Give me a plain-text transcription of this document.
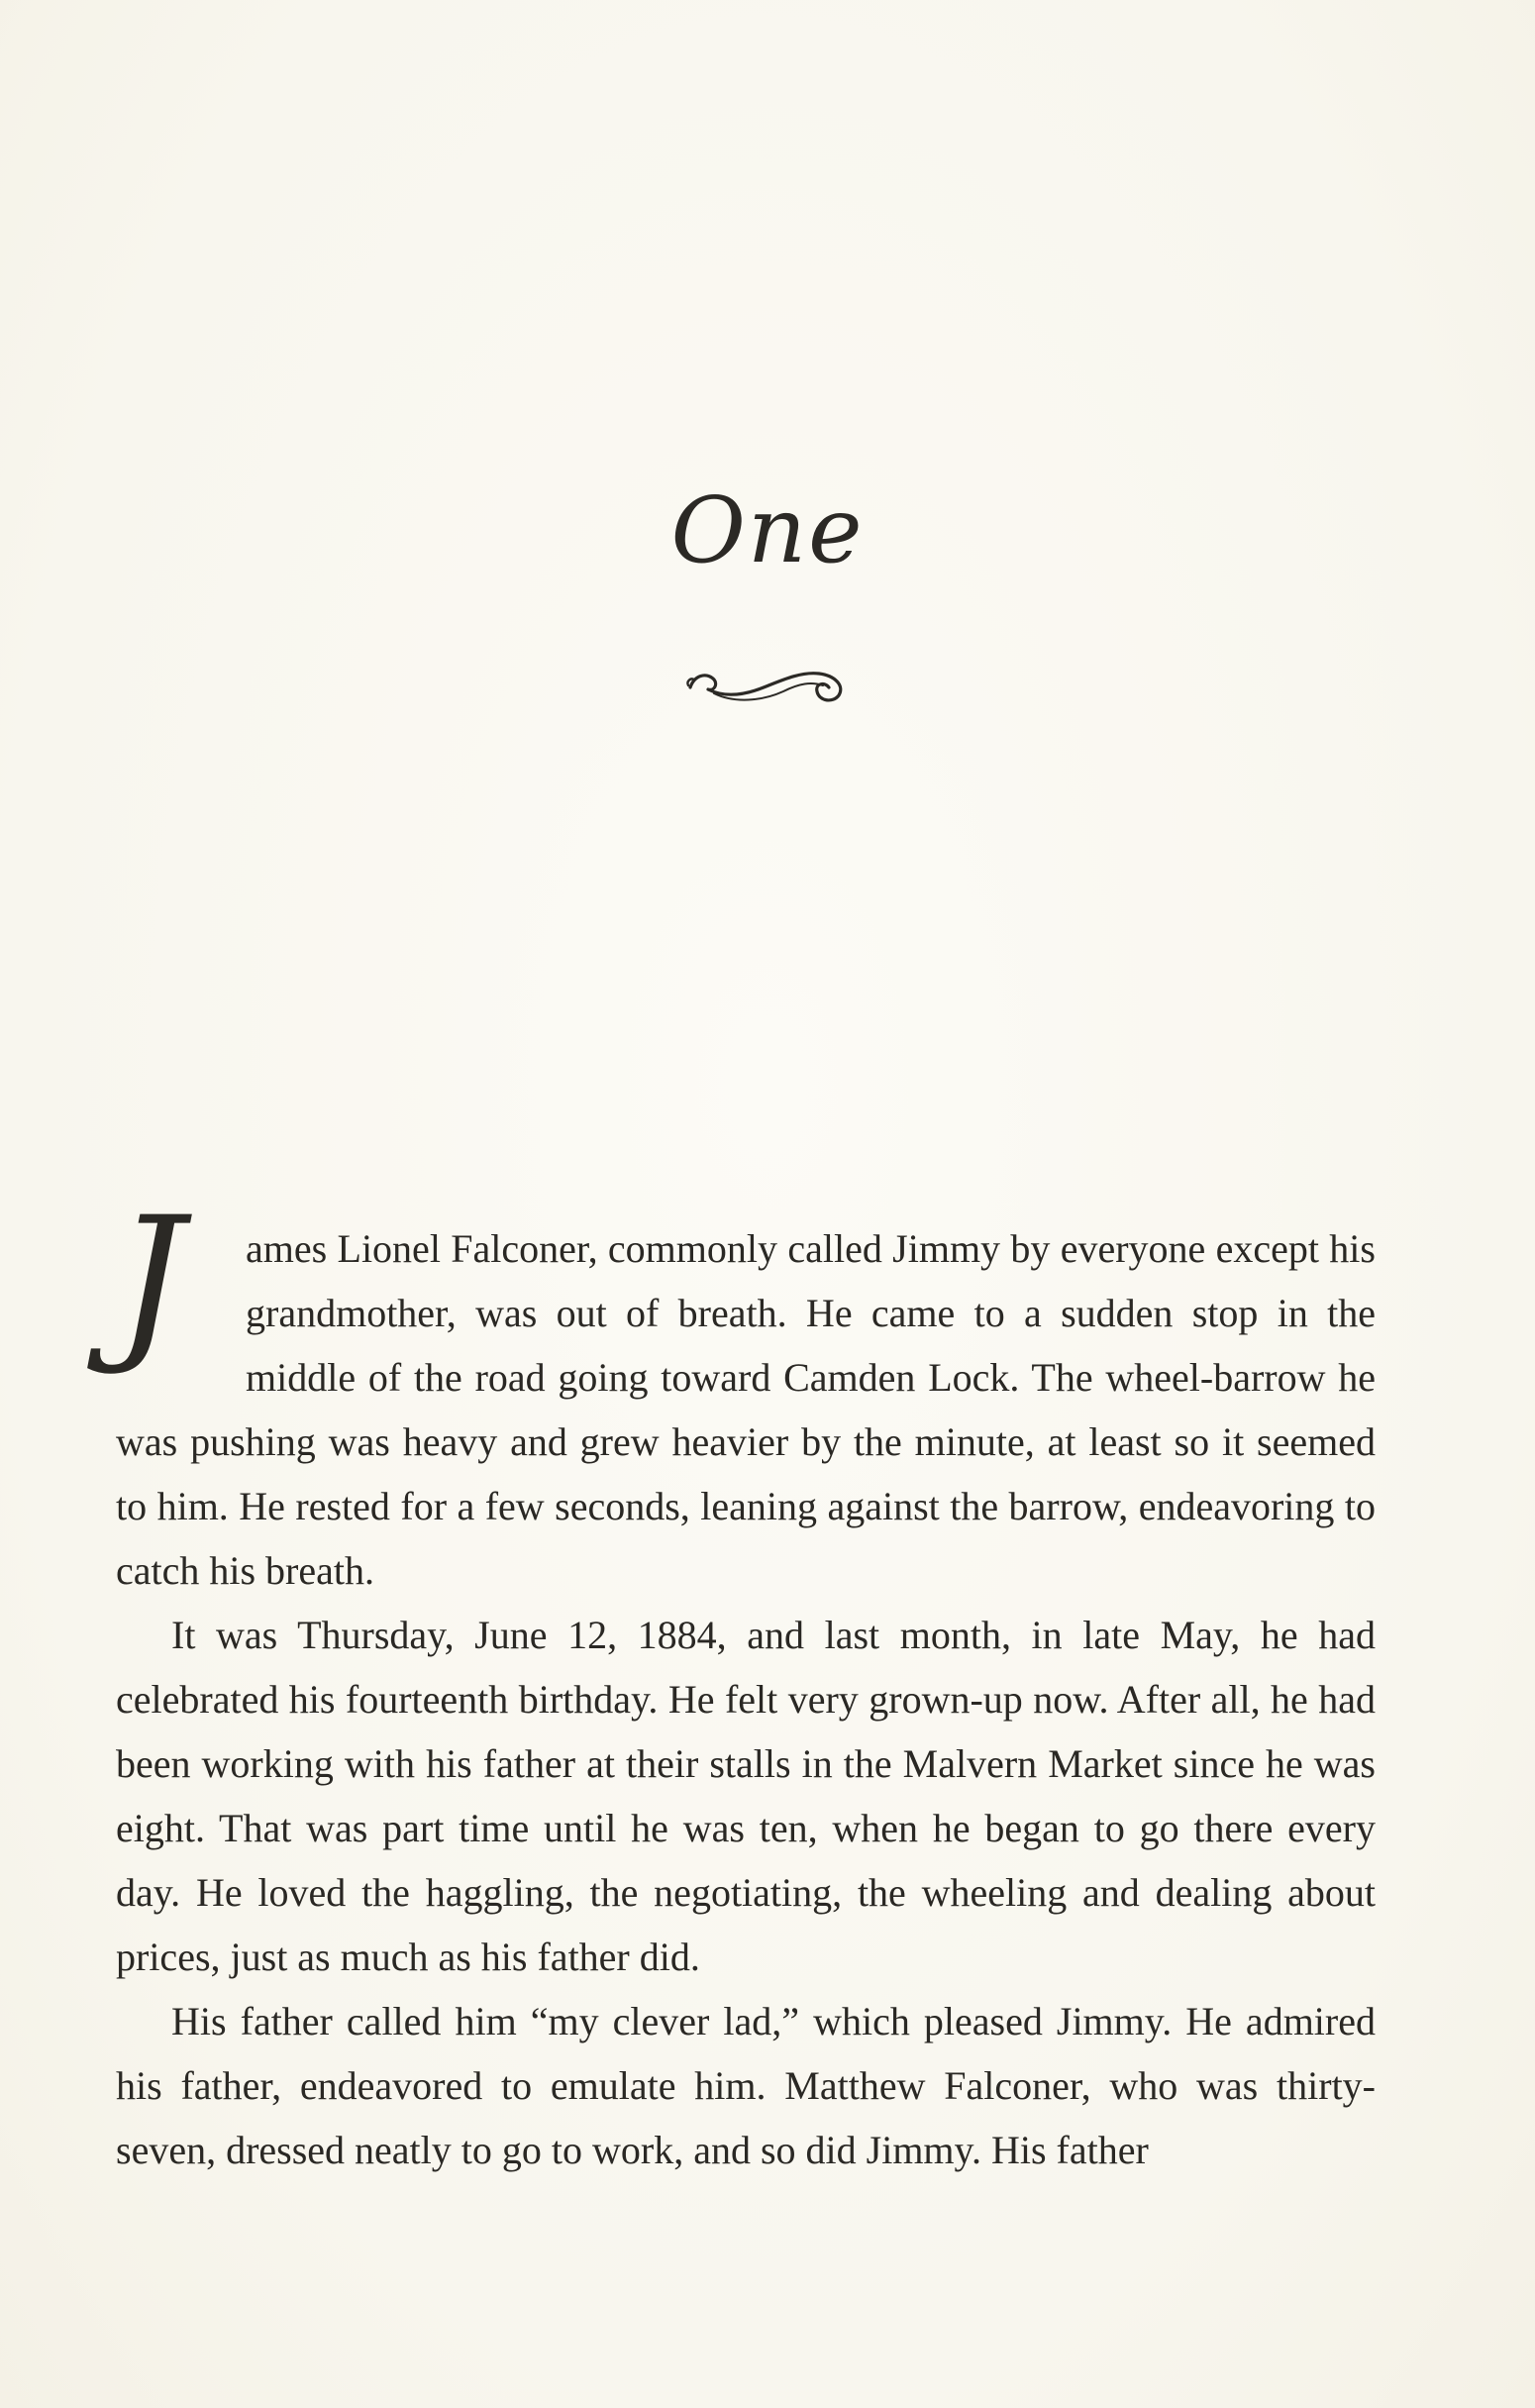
One

J	ames Lionel Falconer, commonly called Jimmy by everyone except his grandmother, was out of breath. He came to a sudden stop in the middle of the road going toward Camden Lock. The wheel-barrow he was pushing was heavy and grew heavier by the minute, at least so it seemed to him. He rested for a few seconds, leaning against the barrow, endeavoring to catch his breath.

It was Thursday, June 12, 1884, and last month, in late May, he had celebrated his fourteenth birthday. He felt very grown-up now. After all, he had been working with his father at their stalls in the Malvern Market since he was eight. That was part time until he was ten, when he began to go there every day. He loved the haggling, the negotiating, the wheeling and dealing about prices, just as much as his father did.

His father called him “my clever lad,” which pleased Jimmy. He admired his father, endeavored to emulate him. Matthew Falconer, who was thirty-seven, dressed neatly to go to work, and so did Jimmy. His father
